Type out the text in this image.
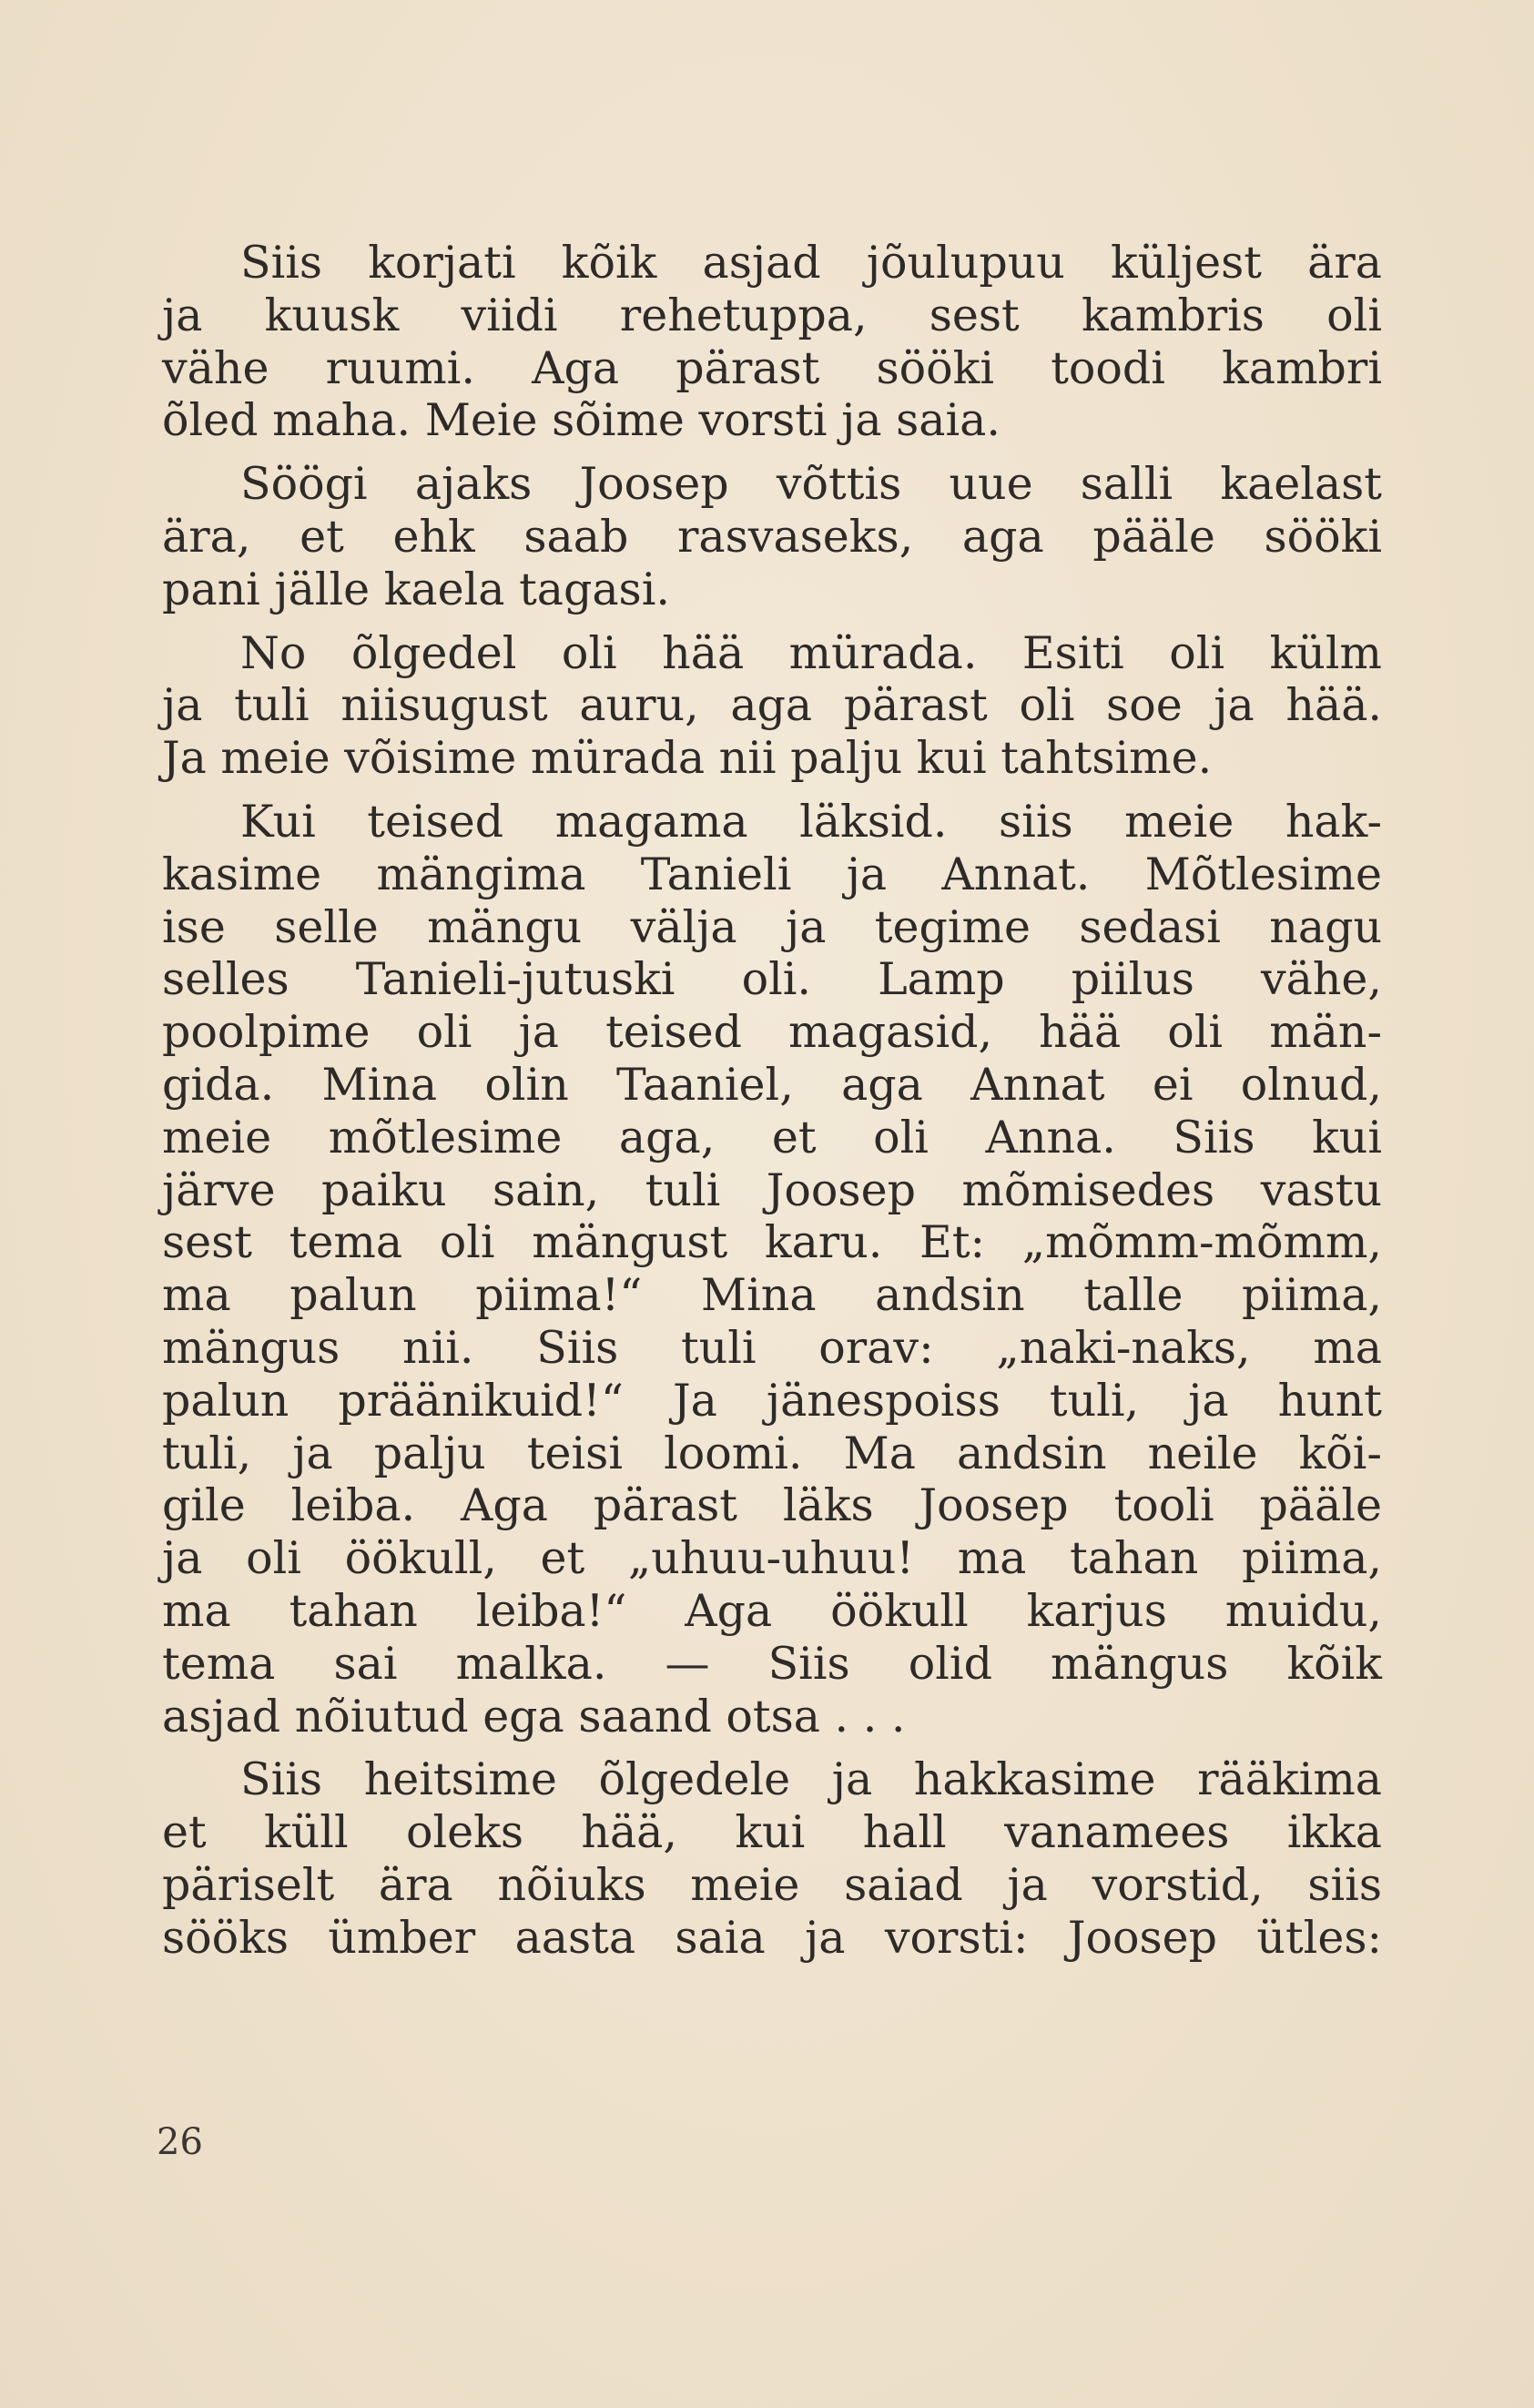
Siis korjati kõik asjad jõulupuu küljest ära
ja kuusk viidi rehetuppa, sest kambris oli
vähe ruumi. Aga pärast sööki toodi kambri
õled maha. Meie sõime vorsti ja saia.
Söögi ajaks Joosep võttis uue salli kaelast
ära, et ehk saab rasvaseks, aga pääle sööki
pani jälle kaela tagasi.
No õlgedel oli hää mürada. Esiti oli külm
ja tuli niisugust auru, aga pärast oli soe ja hää.
Ja meie võisime mürada nii palju kui tahtsime.
Kui teised magama läksid. siis meie hak-
kasime mängima Tanieli ja Annat. Mõtlesime
ise selle mängu välja ja tegime sedasi nagu
selles Tanieli-jutuski oli. Lamp piilus vähe,
poolpime oli ja teised magasid, hää oli män-
gida. Mina olin Taaniel, aga Annat ei olnud,
meie mõtlesime aga, et oli Anna. Siis kui
järve paiku sain, tuli Joosep mõmisedes vastu
sest tema oli mängust karu. Et: „mõmm-mõmm,
ma palun piima!“ Mina andsin talle piima,
mängus nii. Siis tuli orav: „naki-naks, ma
palun präänikuid!“ Ja jänespoiss tuli, ja hunt
tuli, ja palju teisi loomi. Ma andsin neile kõi-
gile leiba. Aga pärast läks Joosep tooli pääle
ja oli öökull, et „uhuu-uhuu! ma tahan piima,
ma tahan leiba!“ Aga öökull karjus muidu,
tema sai malka. — Siis olid mängus kõik
asjad nõiutud ega saand otsa . . .
Siis heitsime õlgedele ja hakkasime rääkima
et küll oleks hää, kui hall vanamees ikka
päriselt ära nõiuks meie saiad ja vorstid, siis
sööks ümber aasta saia ja vorsti: Joosep ütles:
26
